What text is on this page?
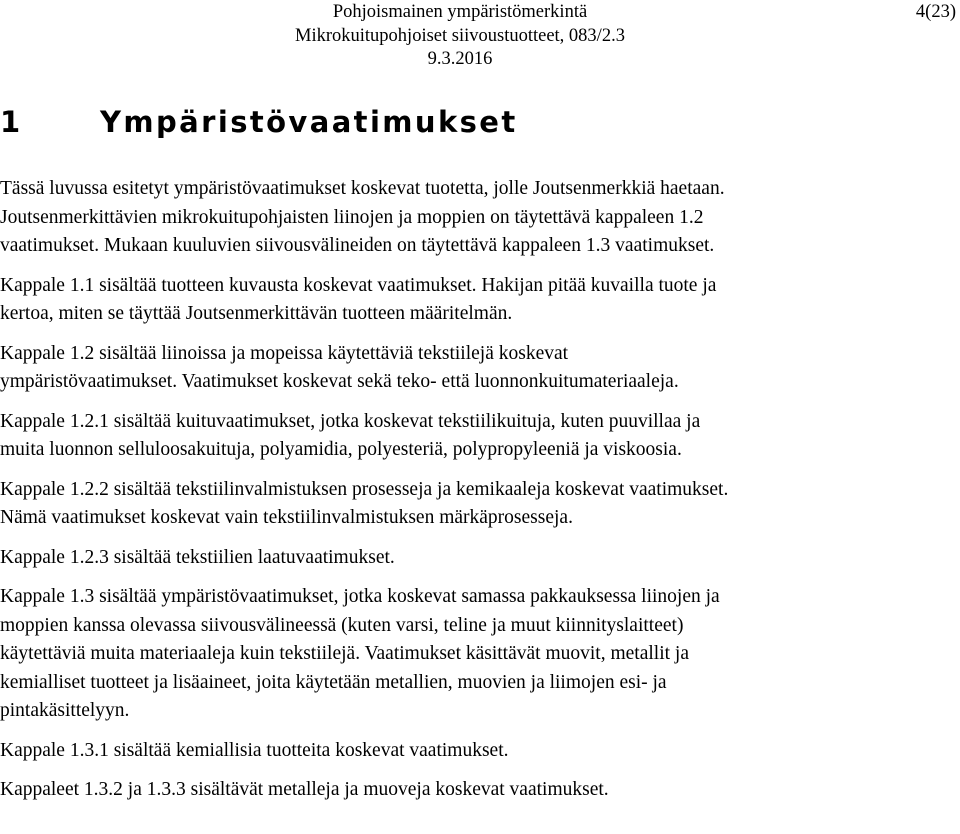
Pohjoismainen ympäristömerkintä
Mikrokuitupohjoiset siivoustuotteet, 083/2.3
9.3.2016
4(23)
1	Ympäristövaatimukset

Tässä luvussa esitetyt ympäristövaatimukset koskevat tuotetta, jolle Joutsenmerkkiä haetaan.
Joutsenmerkittävien mikrokuitupohjaisten liinojen ja moppien on täytettävä kappaleen 1.2
vaatimukset. Mukaan kuuluvien siivousvälineiden on täytettävä kappaleen 1.3 vaatimukset.

Kappale 1.1 sisältää tuotteen kuvausta koskevat vaatimukset. Hakijan pitää kuvailla tuote ja
kertoa, miten se täyttää Joutsenmerkittävän tuotteen määritelmän.

Kappale 1.2 sisältää liinoissa ja mopeissa käytettäviä tekstiilejä koskevat
ympäristövaatimukset. Vaatimukset koskevat sekä teko- että luonnonkuitumateriaaleja.

Kappale 1.2.1 sisältää kuituvaatimukset, jotka koskevat tekstiilikuituja, kuten puuvillaa ja
muita luonnon selluloosakuituja, polyamidia, polyesteriä, polypropyleeniä ja viskoosia.

Kappale 1.2.2 sisältää tekstiilinvalmistuksen prosesseja ja kemikaaleja koskevat vaatimukset.
Nämä vaatimukset koskevat vain tekstiilinvalmistuksen märkäprosesseja.

Kappale 1.2.3 sisältää tekstiilien laatuvaatimukset.

Kappale 1.3 sisältää ympäristövaatimukset, jotka koskevat samassa pakkauksessa liinojen ja
moppien kanssa olevassa siivousvälineessä (kuten varsi, teline ja muut kiinnityslaitteet)
käytettäviä muita materiaaleja kuin tekstiilejä. Vaatimukset käsittävät muovit, metallit ja
kemialliset tuotteet ja lisäaineet, joita käytetään metallien, muovien ja liimojen esi- ja
pintakäsittelyyn.

Kappale 1.3.1 sisältää kemiallisia tuotteita koskevat vaatimukset.

Kappaleet 1.3.2 ja 1.3.3 sisältävät metalleja ja muoveja koskevat vaatimukset.
